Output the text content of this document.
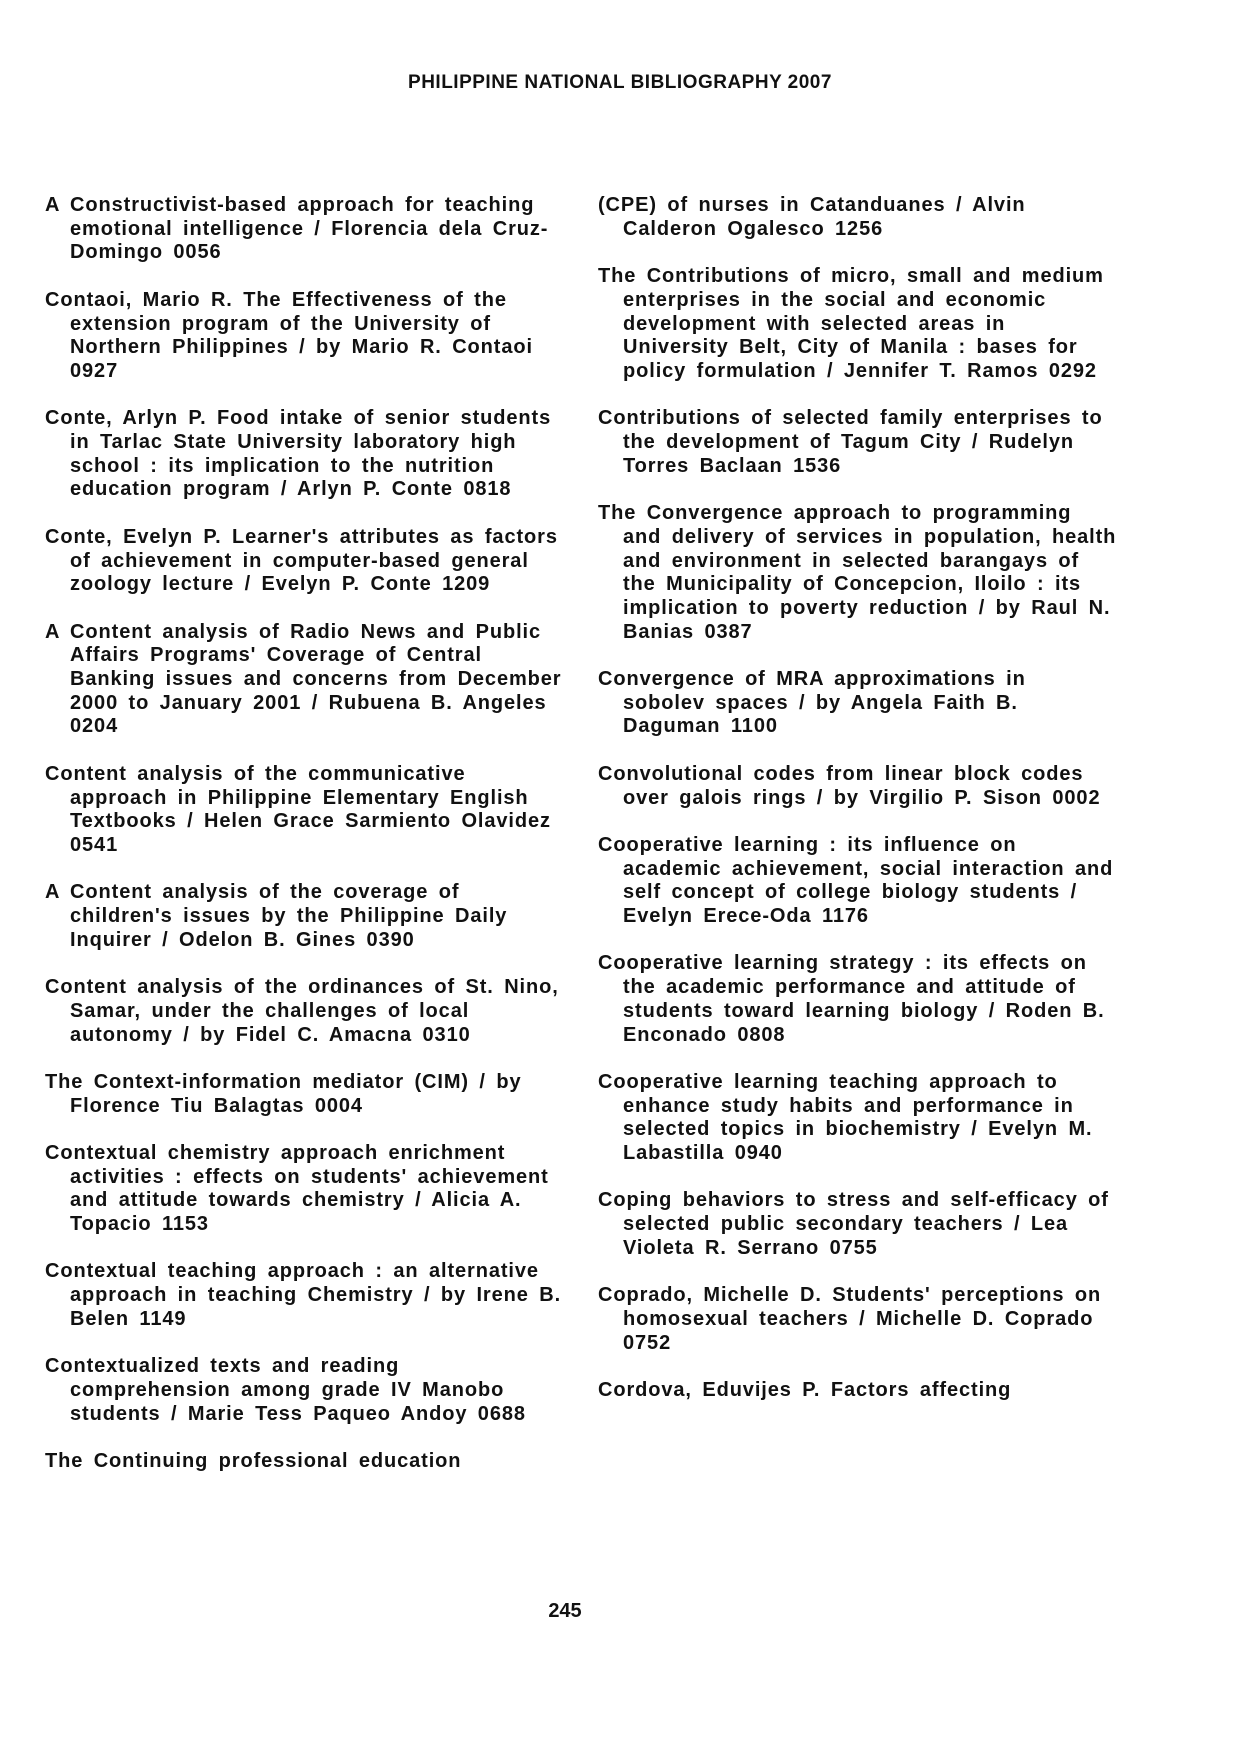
PHILIPPINE NATIONAL BIBLIOGRAPHY 2007
A Constructivist-based approach for teaching emotional intelligence / Florencia dela Cruz-Domingo 0056
Contaoi, Mario R. The Effectiveness of the extension program of the University of Northern Philippines / by Mario R. Contaoi 0927
Conte, Arlyn P. Food intake of senior students in Tarlac State University laboratory high school : its implication to the nutrition education program / Arlyn P. Conte 0818
Conte, Evelyn P. Learner's attributes as factors of achievement in computer-based general zoology lecture / Evelyn P. Conte 1209
A Content analysis of Radio News and Public Affairs Programs' Coverage of Central Banking issues and concerns from December 2000 to January 2001 / Rubuena B. Angeles 0204
Content analysis of the communicative approach in Philippine Elementary English Textbooks / Helen Grace Sarmiento Olavidez 0541
A Content analysis of the coverage of children's issues by the Philippine Daily Inquirer / Odelon B. Gines 0390
Content analysis of the ordinances of St. Nino, Samar, under the challenges of local autonomy / by Fidel C. Amacna 0310
The Context-information mediator (CIM) / by Florence Tiu Balagtas 0004
Contextual chemistry approach enrichment activities : effects on students' achievement and attitude towards chemistry / Alicia A. Topacio 1153
Contextual teaching approach : an alternative approach in teaching Chemistry / by Irene B. Belen 1149
Contextualized texts and reading comprehension among grade IV Manobo students / Marie Tess Paqueo Andoy 0688
The Continuing professional education
(CPE) of nurses in Catanduanes / Alvin Calderon Ogalesco 1256
The Contributions of micro, small and medium enterprises in the social and economic development with selected areas in University Belt, City of Manila : bases for policy formulation / Jennifer T. Ramos 0292
Contributions of selected family enterprises to the development of Tagum City / Rudelyn Torres Baclaan 1536
The Convergence approach to programming and delivery of services in population, health and environment in selected barangays of the Municipality of Concepcion, Iloilo : its implication to poverty reduction / by Raul N. Banias 0387
Convergence of MRA approximations in sobolev spaces / by Angela Faith B. Daguman 1100
Convolutional codes from linear block codes over galois rings / by Virgilio P. Sison 0002
Cooperative learning : its influence on academic achievement, social interaction and self concept of college biology students / Evelyn Erece-Oda 1176
Cooperative learning strategy : its effects on the academic performance and attitude of students toward learning biology / Roden B. Enconado 0808
Cooperative learning teaching approach to enhance study habits and performance in selected topics in biochemistry / Evelyn M. Labastilla 0940
Coping behaviors to stress and self-efficacy of selected public secondary teachers / Lea Violeta R. Serrano 0755
Coprado, Michelle D. Students' perceptions on homosexual teachers / Michelle D. Coprado 0752
Cordova, Eduvijes P. Factors affecting
245
